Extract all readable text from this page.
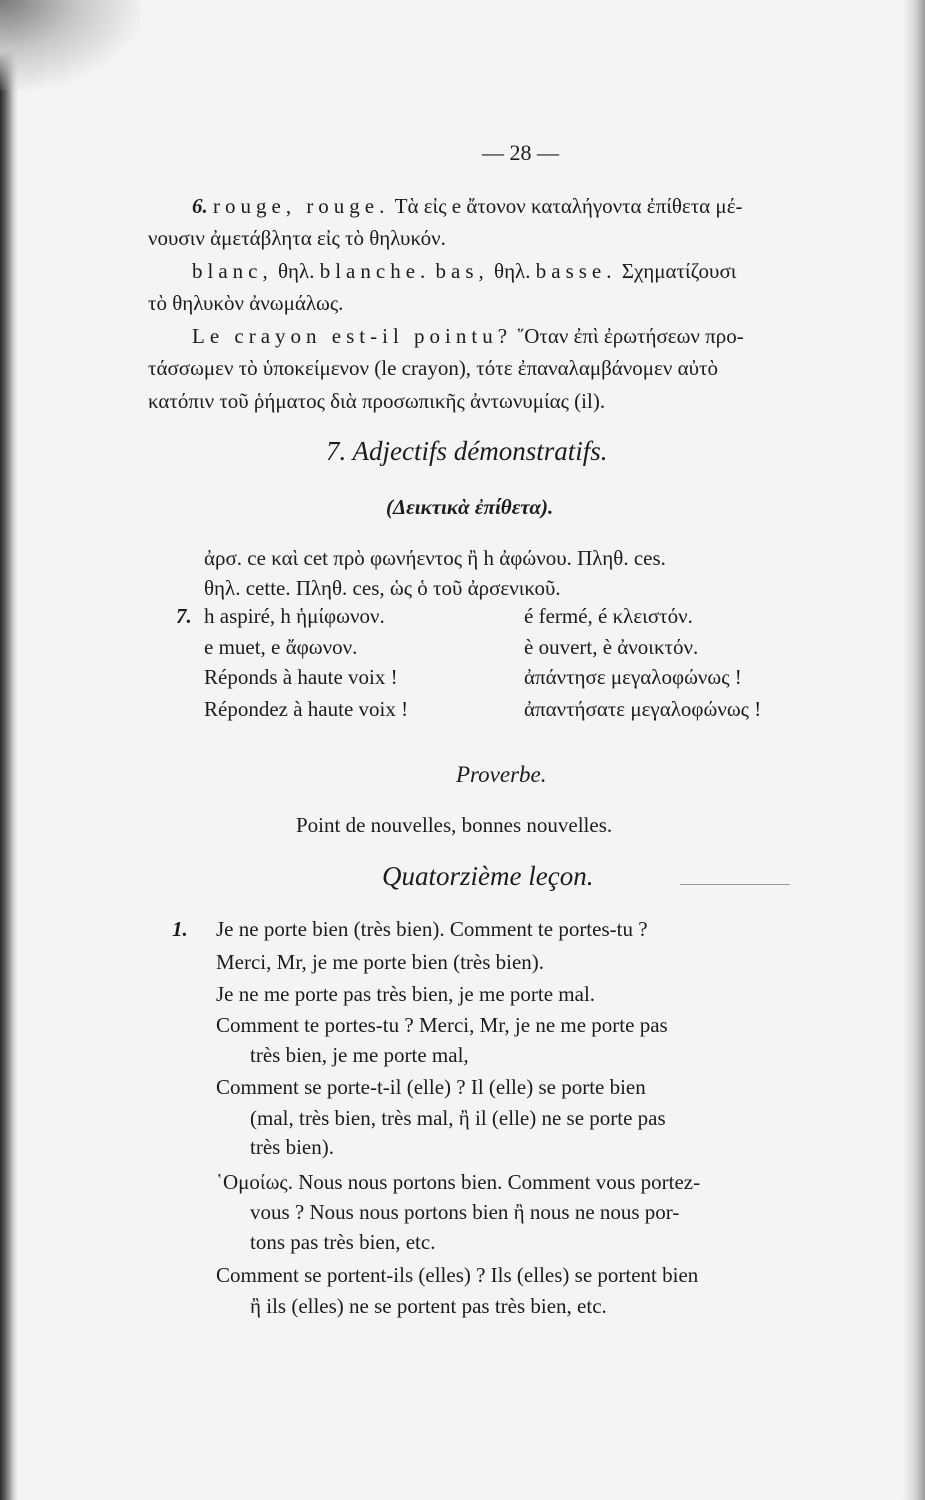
— 28 —
6. rouge, rouge. Τὰ εἰς e ἄτονον καταλήγοντα ἐπίθετα μέ-
νουσιν ἀμετάβλητα εἰς τὸ θηλυκόν.
blanc, θηλ. blanche. bas, θηλ. basse. Σχηματίζουσι
τὸ θηλυκὸν ἀνωμάλως.
Le crayon est-il pointu? ῞Οταν ἐπὶ ἐρωτήσεων προ-
τάσσωμεν τὸ ὑποκείμενον (le crayon), τότε ἐπαναλαμβάνομεν αὐτὸ
κατόπιν τοῦ ῥήματος διὰ προσωπικῆς ἀντωνυμίας (il).
7. Adjectifs démonstratifs.
(Δεικτικὰ ἐπίθετα).
ἀρσ. ce καὶ cet πρὸ φωνήεντος ἢ h ἀφώνου. Πληθ. ces.
θηλ. cette. Πληθ. ces, ὡς ὁ τοῦ ἀρσενικοῦ.
7. h aspiré, h ἡμίφωνον.	é fermé, é κλειστόν.
e muet, e ἄφωνον.	è ouvert, è ἀνοικτόν.
Réponds à haute voix !	ἀπάντησε μεγαλοφώνως !
Répondez à haute voix !	ἀπαντήσατε μεγαλοφώνως !
Proverbe.
Point de nouvelles, bonnes nouvelles.
Quatorzième leçon.
1. Je ne porte bien (très bien). Comment te portes-tu ?
Merci, Mr, je me porte bien (très bien).
Je ne me porte pas très bien, je me porte mal.
Comment te portes-tu ? Merci, Mr, je ne me porte pas
très bien, je me porte mal,
Comment se porte-t-il (elle) ? Il (elle) se porte bien
(mal, très bien, très mal, ἢ il (elle) ne se porte pas
très bien).
῾Ομοίως. Nous nous portons bien. Comment vous portez-
vous ? Nous nous portons bien ἢ nous ne nous por-
tons pas très bien, etc.
Comment se portent-ils (elles) ? Ils (elles) se portent bien
ἢ ils (elles) ne se portent pas très bien, etc.
